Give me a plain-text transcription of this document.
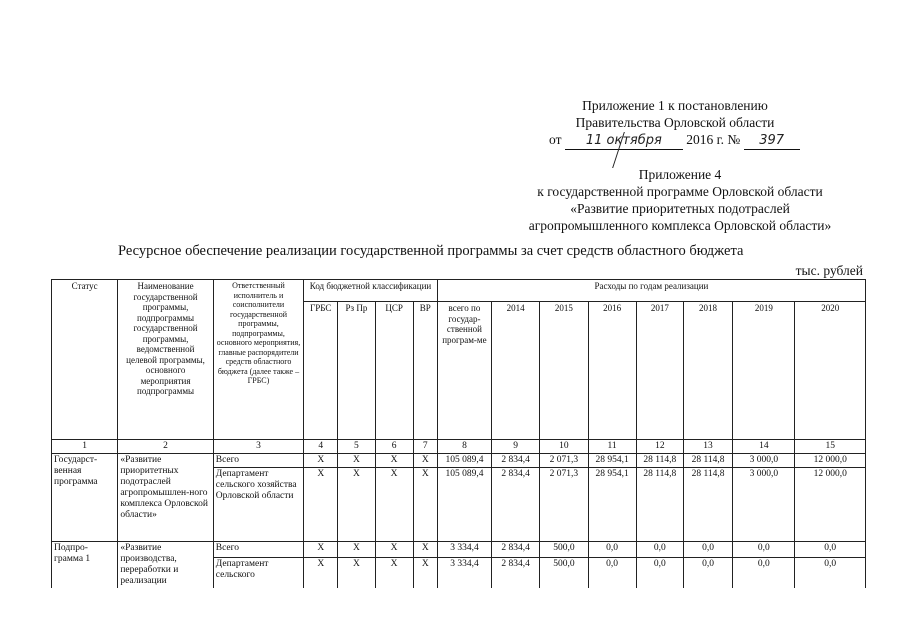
Приложение 1 к постановлению
Правительства Орловской области
от 11 октября 2016 г. № 397
Приложение 4
к государственной программе Орловской области
«Развитие приоритетных подотраслей
агропромышленного комплекса Орловской области»
Ресурсное обеспечение реализации государственной программы за счет средств областного бюджета
тыс. рублей
Статус	Наименование государственной программы, подпрограммы государственной программы, ведомственной целевой программы, основного мероприятия подпрограммы	Ответственный исполнитель и соисполнители государственной программы, подпрограммы, основного мероприятия, главные распорядители средств областного бюджета (далее также – ГРБС)	Код бюджетной классификации				Расходы по годам реализации							
			ГРБС	Рз Пр	ЦСР	ВР	всего по государ-ственной програм-ме	2014	2015	2016	2017	2018	2019	2020
1	2	3	4	5	6	7	8	9	10	11	12	13	14	15
Государст-венная программа	«Развитие приоритетных подотраслей агропромышлен-ного комплекса Орловской области»	Всего	X	X	X	X	105 089,4	2 834,4	2 071,3	28 954,1	28 114,8	28 114,8	3 000,0	12 000,0
		Департамент сельского хозяйства Орловской области	X	X	X	X	105 089,4	2 834,4	2 071,3	28 954,1	28 114,8	28 114,8	3 000,0	12 000,0
Подпро-грамма 1	«Развитие производства, переработки и реализации	Всего	X	X	X	X	3 334,4	2 834,4	500,0	0,0	0,0	0,0	0,0	0,0
		Департамент сельского	X	X	X	X	3 334,4	2 834,4	500,0	0,0	0,0	0,0	0,0	0,0
